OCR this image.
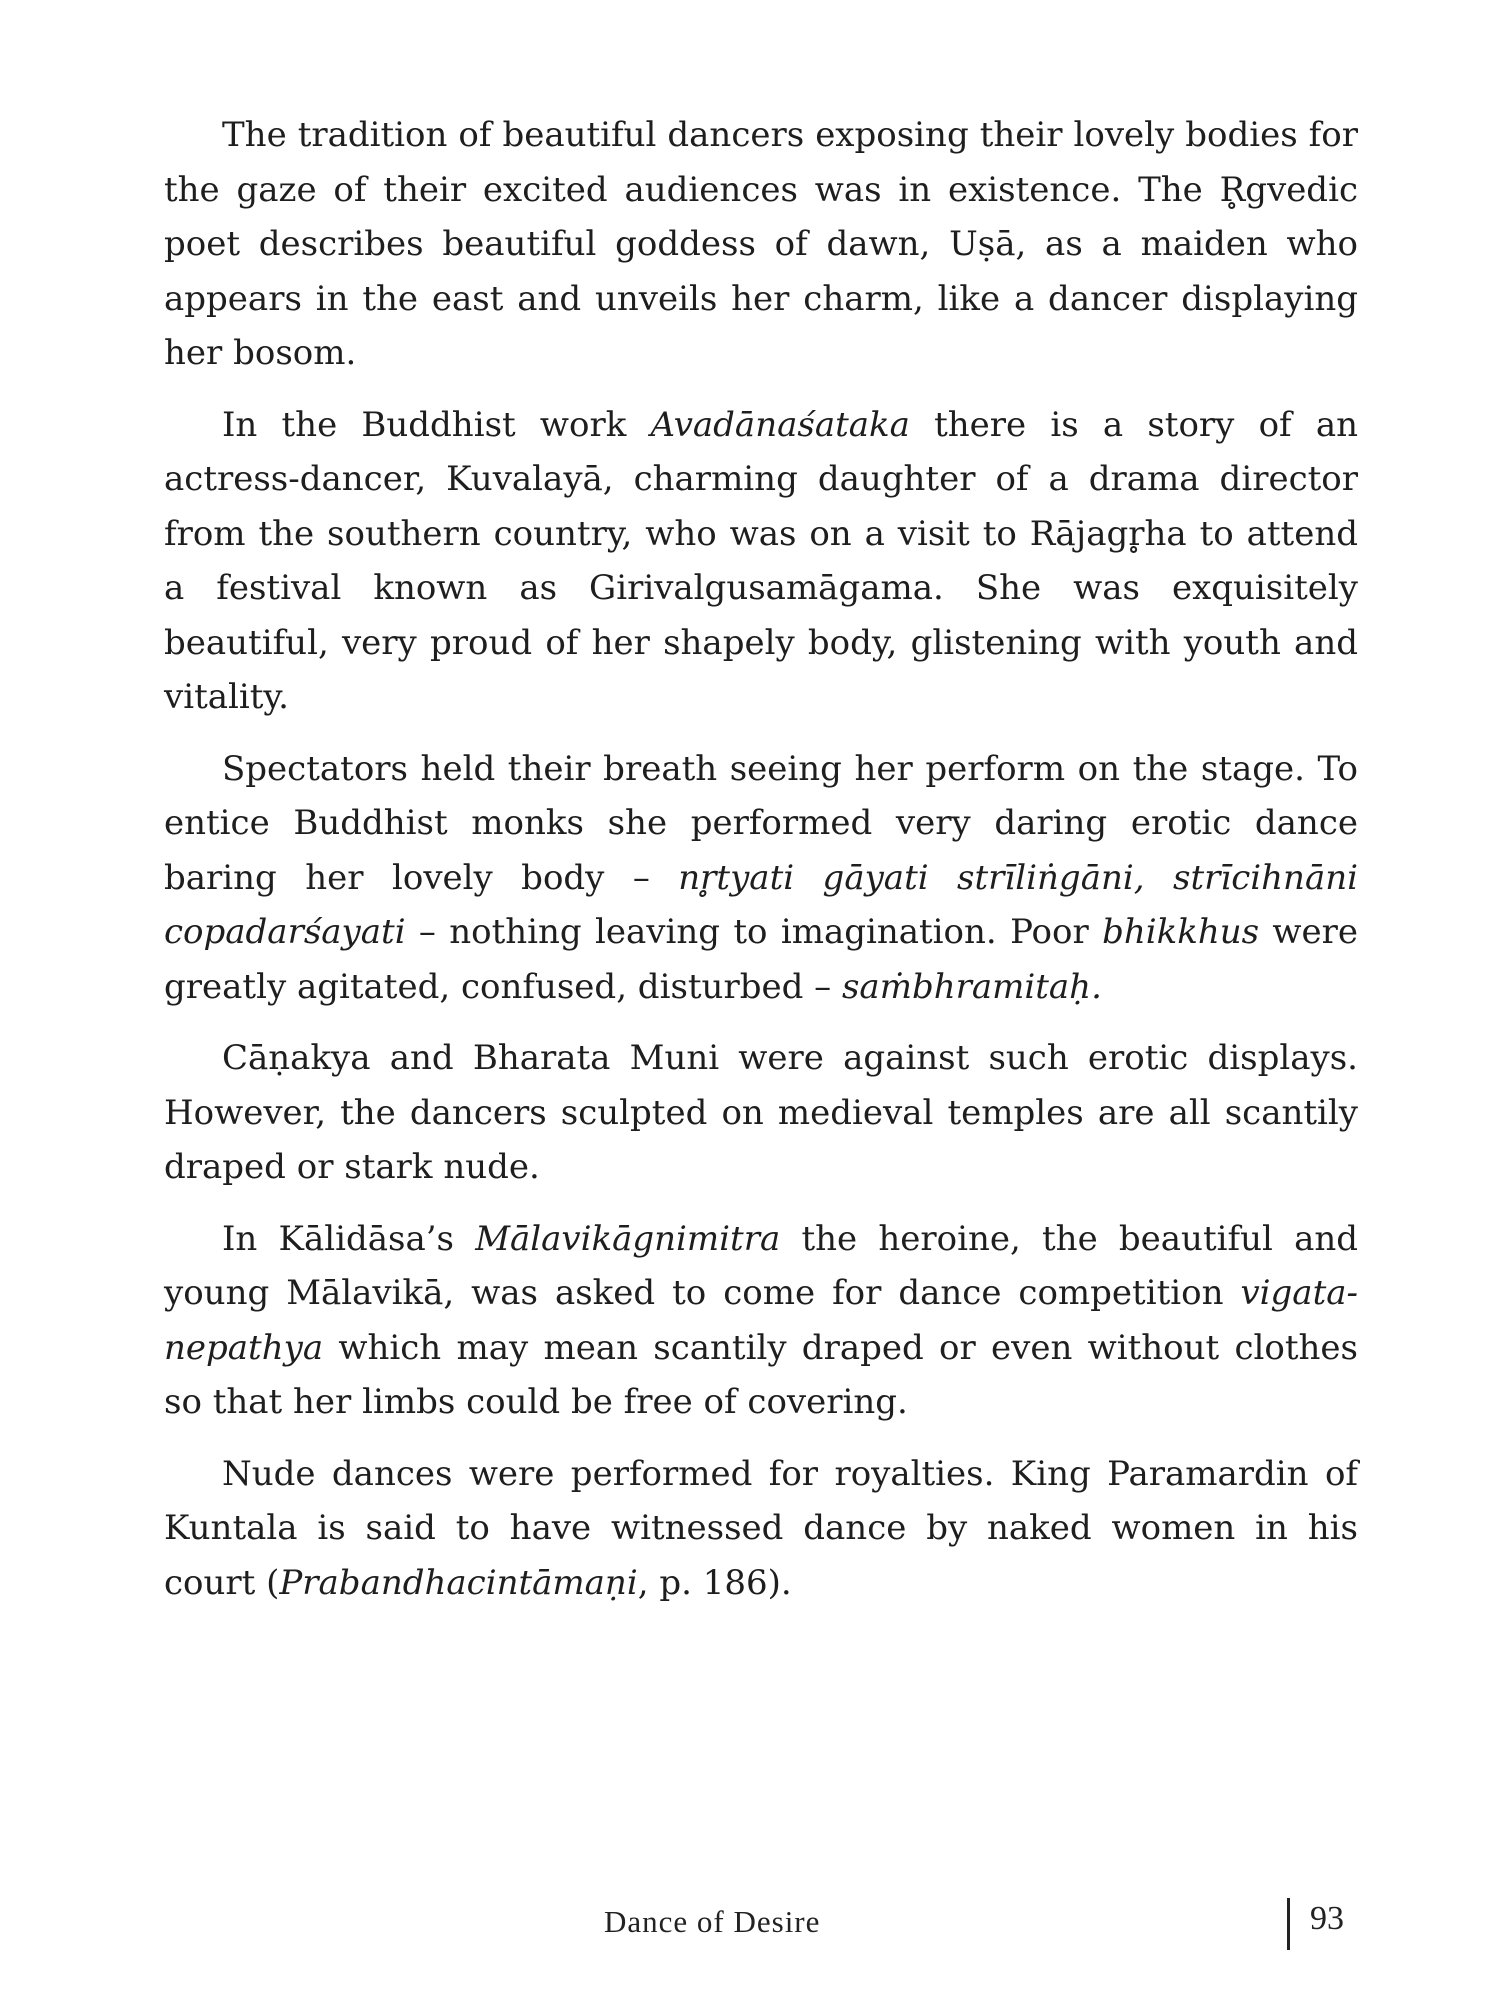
The tradition of beautiful dancers exposing their lovely bodies for the gaze of their excited audiences was in existence. The R̥gvedic poet describes beautiful goddess of dawn, Uṣā, as a maiden who appears in the east and unveils her charm, like a dancer displaying her bosom.

In the Buddhist work Avadānaśataka there is a story of an actress-dancer, Kuvalayā, charming daughter of a drama director from the southern country, who was on a visit to Rājagr̥ha to attend a festival known as Girivalgusamāgama. She was exquisitely beautiful, very proud of her shapely body, glistening with youth and vitality.

Spectators held their breath seeing her perform on the stage. To entice Buddhist monks she performed very daring erotic dance baring her lovely body – nr̥tyati gāyati strīliṅgāni, strīcihnāni copadarśayati – nothing leaving to imagination. Poor bhikkhus were greatly agitated, confused, disturbed – saṁbhramitaḥ.

Cāṇakya and Bharata Muni were against such erotic displays. However, the dancers sculpted on medieval temples are all scantily draped or stark nude.

In Kālidāsa’s Mālavikāgnimitra the heroine, the beautiful and young Mālavikā, was asked to come for dance competition vigata-nepathya which may mean scantily draped or even without clothes so that her limbs could be free of covering.

Nude dances were performed for royalties. King Paramardin of Kuntala is said to have witnessed dance by naked women in his court (Prabandhacintāmaṇi, p. 186).

Dance of Desire	93
